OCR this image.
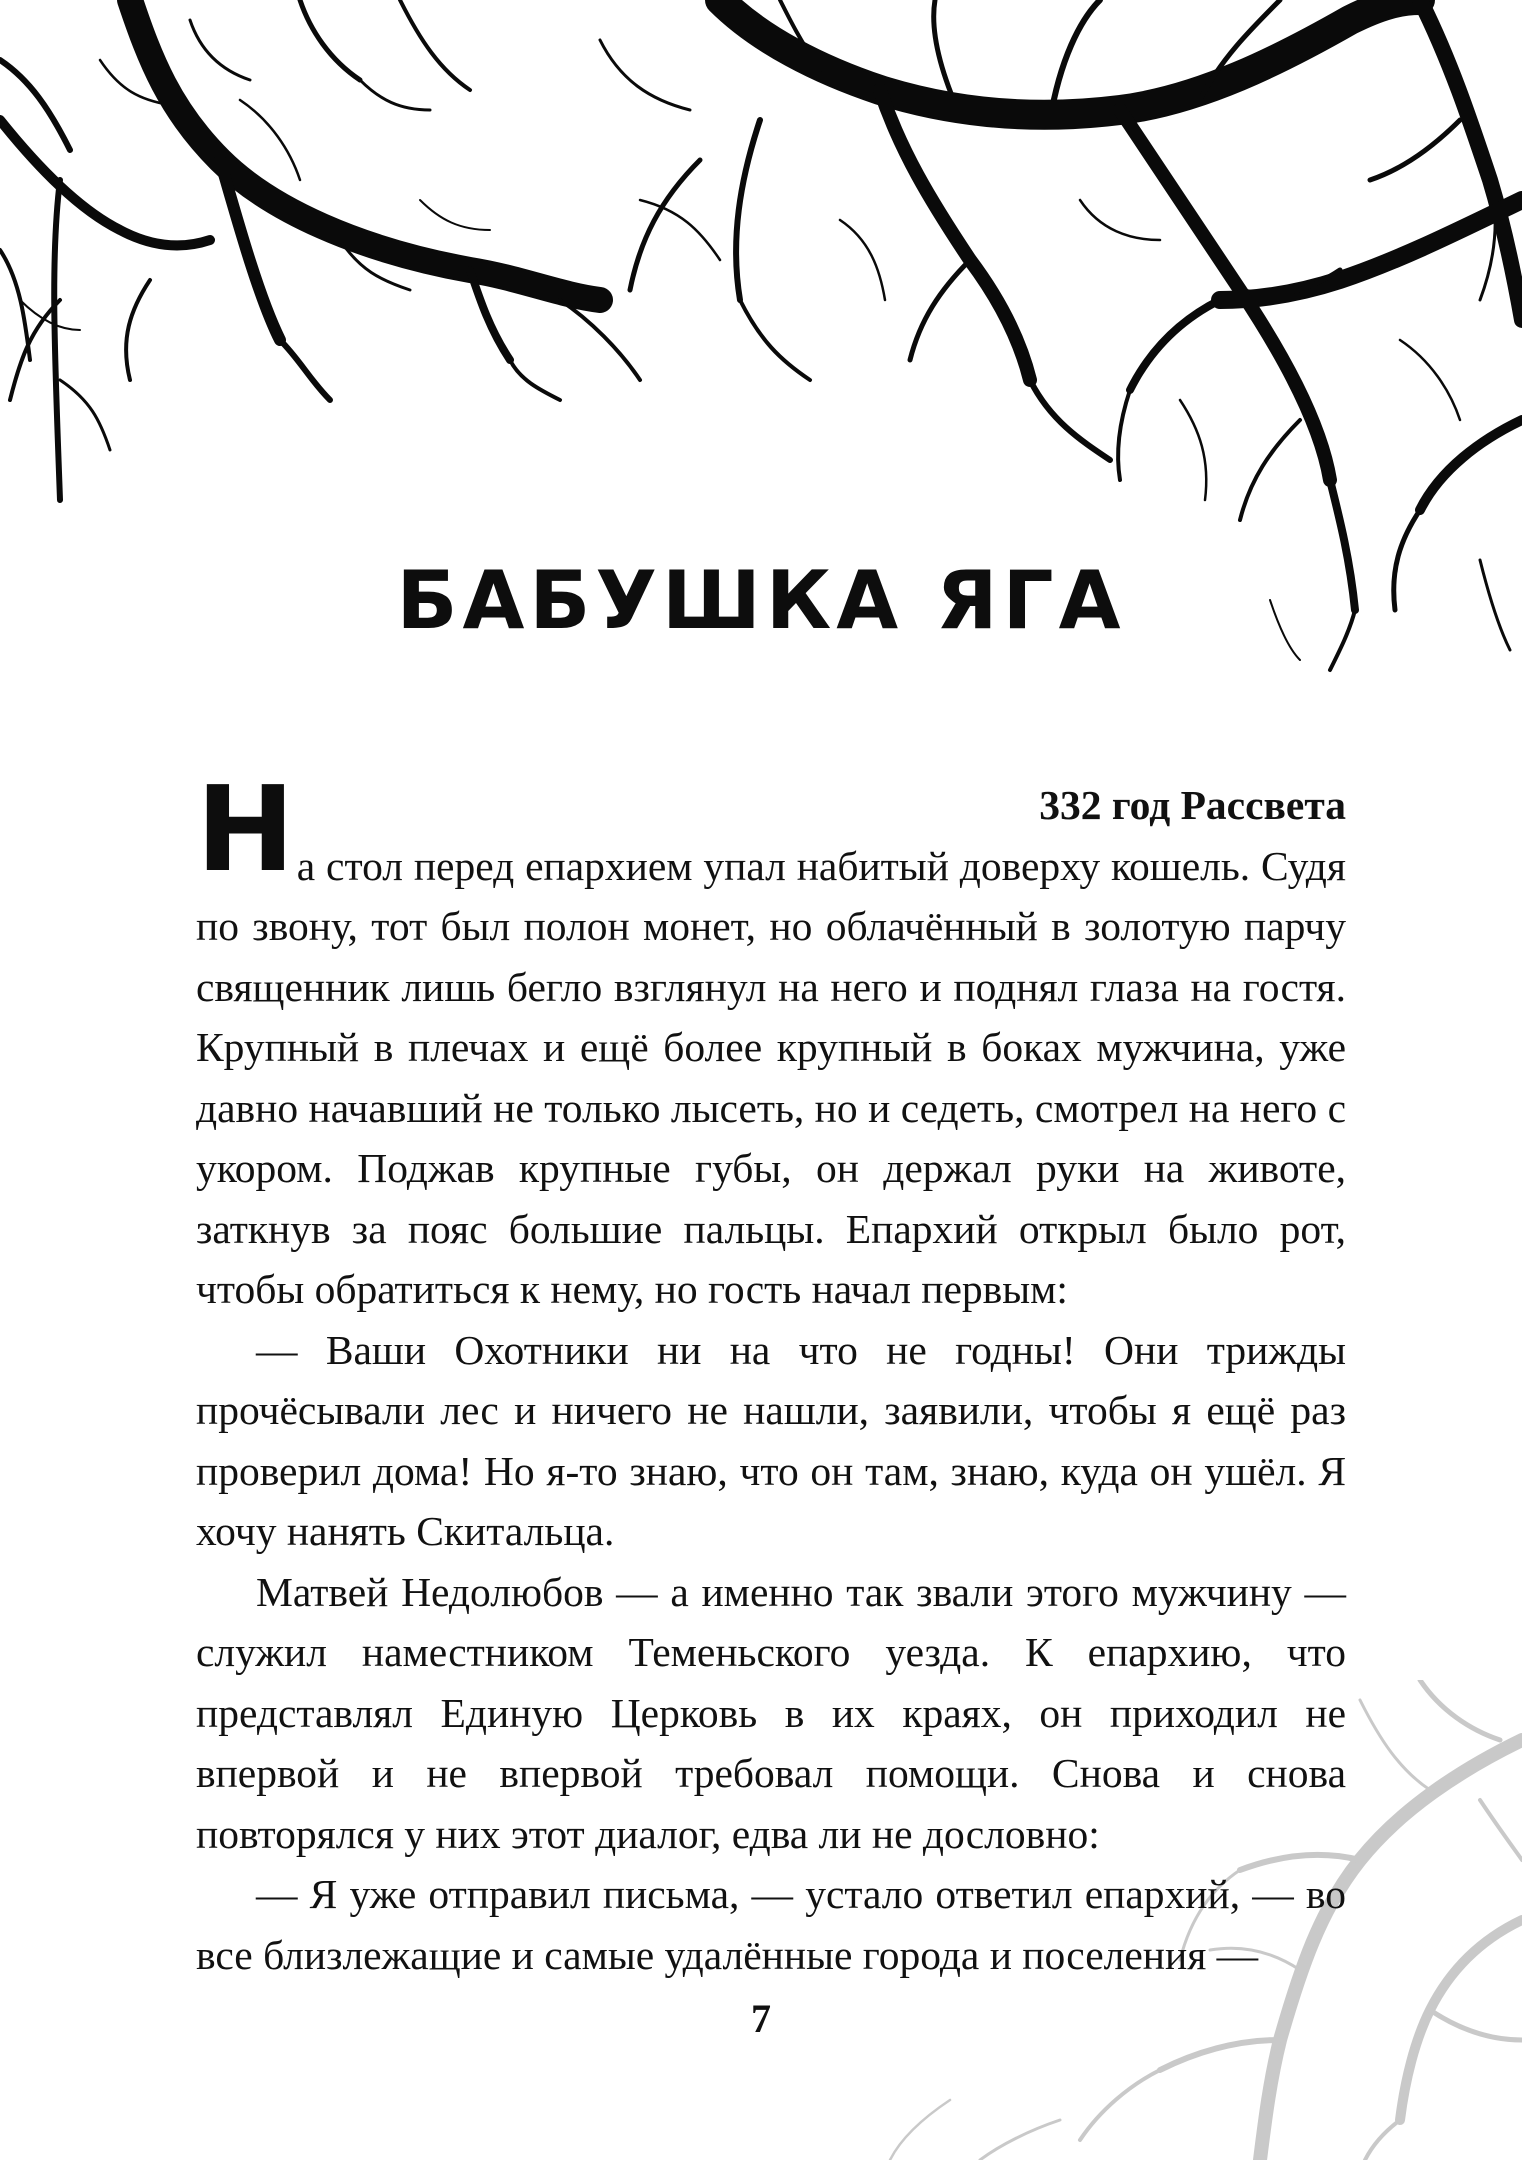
БАБУШКА ЯГА

332 год Рассвета

На стол перед епархием упал набитый доверху кошель. Судя по звону, тот был полон монет, но облачённый в золотую парчу священник лишь бегло взглянул на него и поднял глаза на гостя. Крупный в плечах и ещё более крупный в боках мужчина, уже давно начавший не только лысеть, но и седеть, смотрел на него с укором. Поджав крупные губы, он держал руки на животе, заткнув за пояс большие пальцы. Епархий открыл было рот, чтобы обратиться к нему, но гость начал первым:

— Ваши Охотники ни на что не годны! Они трижды прочёсывали лес и ничего не нашли, заявили, чтобы я ещё раз проверил дома! Но я-то знаю, что он там, знаю, куда он ушёл. Я хочу нанять Скитальца.

Матвей Недолюбов — а именно так звали этого мужчину — служил наместником Теменьского уезда. К епархию, что представлял Единую Церковь в их краях, он приходил не впервой и не впервой требовал помощи. Снова и снова повторялся у них этот диалог, едва ли не дословно:

— Я уже отправил письма, — устало ответил епархий, — во все близлежащие и самые удалённые города и поселения —

7
